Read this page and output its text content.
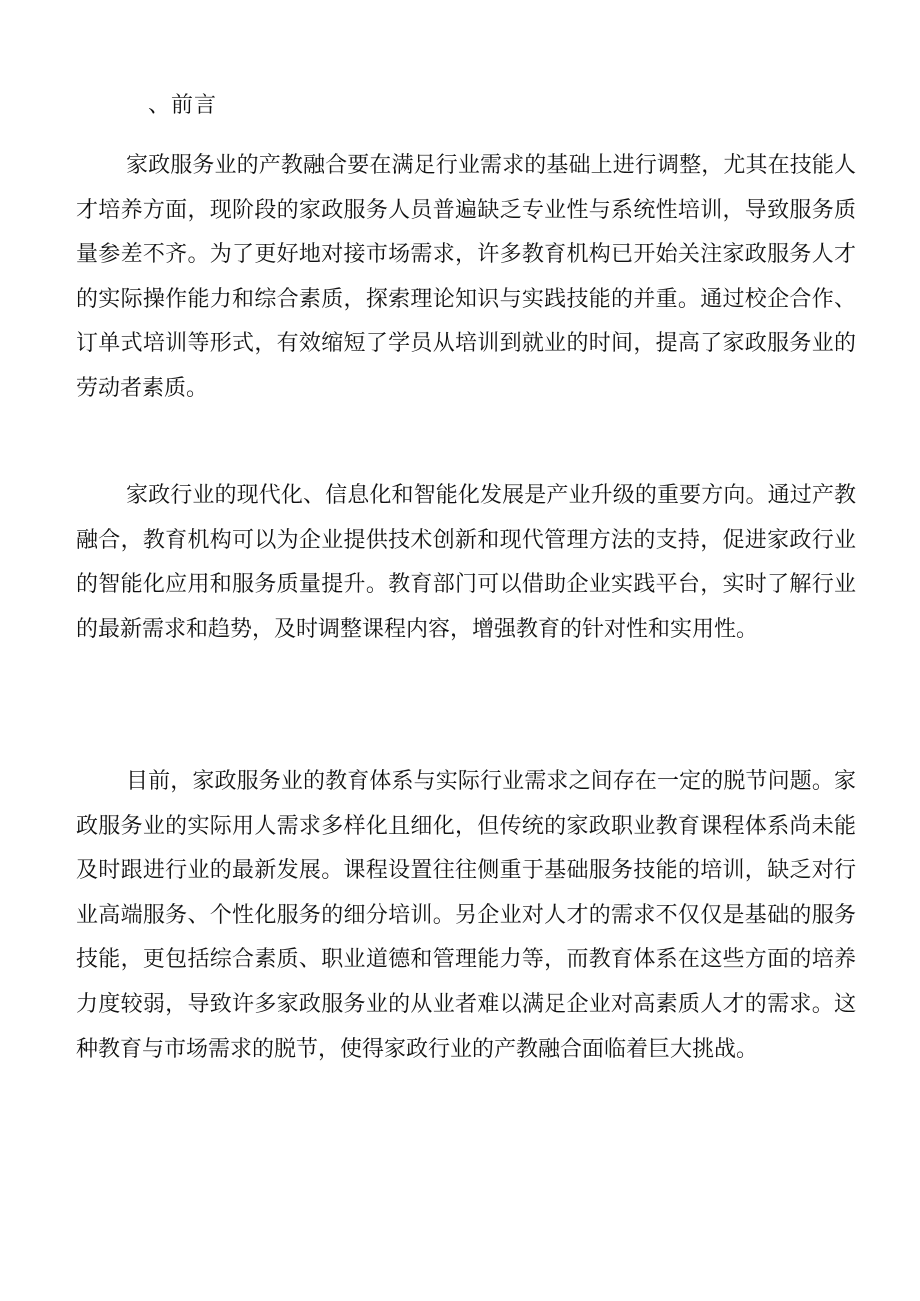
、前言

家政服务业的产教融合要在满足行业需求的基础上进行调整，尤其在技能人才培养方面，现阶段的家政服务人员普遍缺乏专业性与系统性培训，导致服务质量参差不齐。为了更好地对接市场需求，许多教育机构已开始关注家政服务人才的实际操作能力和综合素质，探索理论知识与实践技能的并重。通过校企合作、订单式培训等形式，有效缩短了学员从培训到就业的时间，提高了家政服务业的劳动者素质。

家政行业的现代化、信息化和智能化发展是产业升级的重要方向。通过产教融合，教育机构可以为企业提供技术创新和现代管理方法的支持，促进家政行业的智能化应用和服务质量提升。教育部门可以借助企业实践平台，实时了解行业的最新需求和趋势，及时调整课程内容，增强教育的针对性和实用性。

目前，家政服务业的教育体系与实际行业需求之间存在一定的脱节问题。家政服务业的实际用人需求多样化且细化，但传统的家政职业教育课程体系尚未能及时跟进行业的最新发展。课程设置往往侧重于基础服务技能的培训，缺乏对行业高端服务、个性化服务的细分培训。另企业对人才的需求不仅仅是基础的服务技能，更包括综合素质、职业道德和管理能力等，而教育体系在这些方面的培养力度较弱，导致许多家政服务业的从业者难以满足企业对高素质人才的需求。这种教育与市场需求的脱节，使得家政行业的产教融合面临着巨大挑战。
